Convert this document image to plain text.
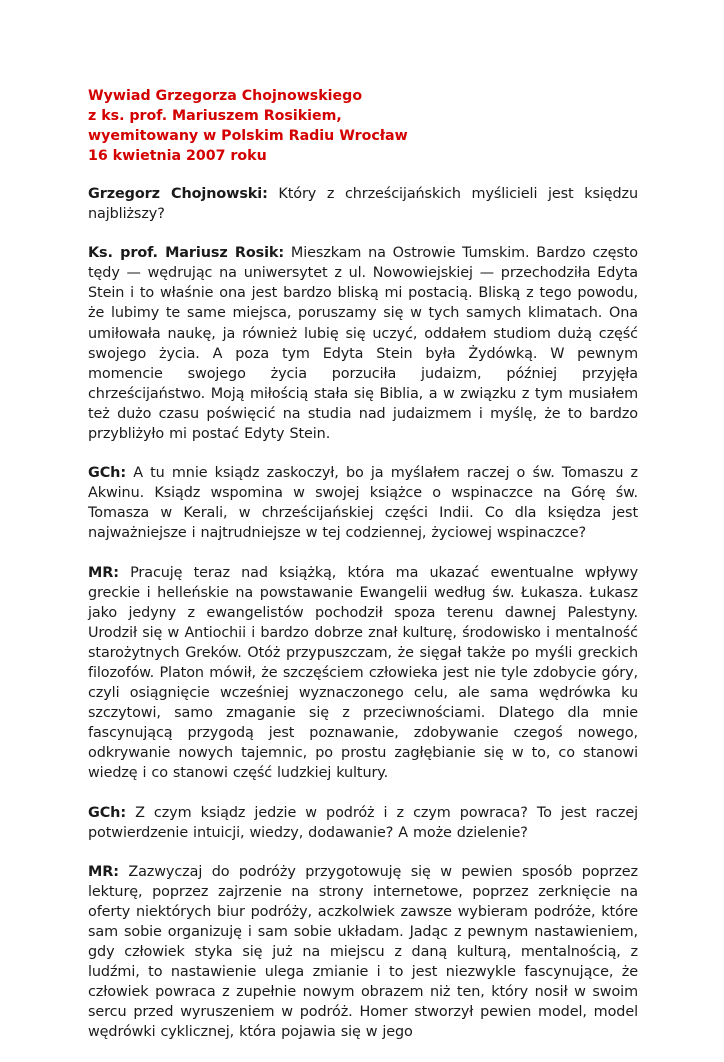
Wywiad Grzegorza Chojnowskiego
z ks. prof. Mariuszem Rosikiem,
wyemitowany w Polskim Radiu Wrocław
16 kwietnia 2007 roku

Grzegorz Chojnowski: Który z chrześcijańskich myślicieli jest księdzu najbliższy?

Ks. prof. Mariusz Rosik: Mieszkam na Ostrowie Tumskim. Bardzo często tędy — wędrując na uniwersytet z ul. Nowowiejskiej — przechodziła Edyta Stein i to właśnie ona jest bardzo bliską mi postacią. Bliską z tego powodu, że lubimy te same miejsca, poruszamy się w tych samych klimatach. Ona umiłowała naukę, ja również lubię się uczyć, oddałem studiom dużą część swojego życia. A poza tym Edyta Stein była Żydówką. W pewnym momencie swojego życia porzuciła judaizm, później przyjęła chrześcijaństwo. Moją miłością stała się Biblia, a w związku z tym musiałem też dużo czasu poświęcić na studia nad judaizmem i myślę, że to bardzo przybliżyło mi postać Edyty Stein.

GCh: A tu mnie ksiądz zaskoczył, bo ja myślałem raczej o św. Tomaszu z Akwinu. Ksiądz wspomina w swojej książce o wspinaczce na Górę św. Tomasza w Kerali, w chrześcijańskiej części Indii. Co dla księdza jest najważniejsze i najtrudniejsze w tej codziennej, życiowej wspinaczce?

MR: Pracuję teraz nad książką, która ma ukazać ewentualne wpływy greckie i helleńskie na powstawanie Ewangelii według św. Łukasza. Łukasz jako jedyny z ewangelistów pochodził spoza terenu dawnej Palestyny. Urodził się w Antiochii i bardzo dobrze znał kulturę, środowisko i mentalność starożytnych Greków. Otóż przypuszczam, że sięgał także po myśli greckich filozofów. Platon mówił, że szczęściem człowieka jest nie tyle zdobycie góry, czyli osiągnięcie wcześniej wyznaczonego celu, ale sama wędrówka ku szczytowi, samo zmaganie się z przeciwnościami. Dlatego dla mnie fascynującą przygodą jest poznawanie, zdobywanie czegoś nowego, odkrywanie nowych tajemnic, po prostu zagłębianie się w to, co stanowi wiedzę i co stanowi część ludzkiej kultury.

GCh: Z czym ksiądz jedzie w podróż i z czym powraca? To jest raczej potwierdzenie intuicji, wiedzy, dodawanie? A może dzielenie?

MR: Zazwyczaj do podróży przygotowuję się w pewien sposób poprzez lekturę, poprzez zajrzenie na strony internetowe, poprzez zerknięcie na oferty niektórych biur podróży, aczkolwiek zawsze wybieram podróże, które sam sobie organizuję i sam sobie układam. Jadąc z pewnym nastawieniem, gdy człowiek styka się już na miejscu z daną kulturą, mentalnością, z ludźmi, to nastawienie ulega zmianie i to jest niezwykle fascynujące, że człowiek powraca z zupełnie nowym obrazem niż ten, który nosił w swoim sercu przed wyruszeniem w podróż. Homer stworzył pewien model, model wędrówki cyklicznej, która pojawia się w jego
